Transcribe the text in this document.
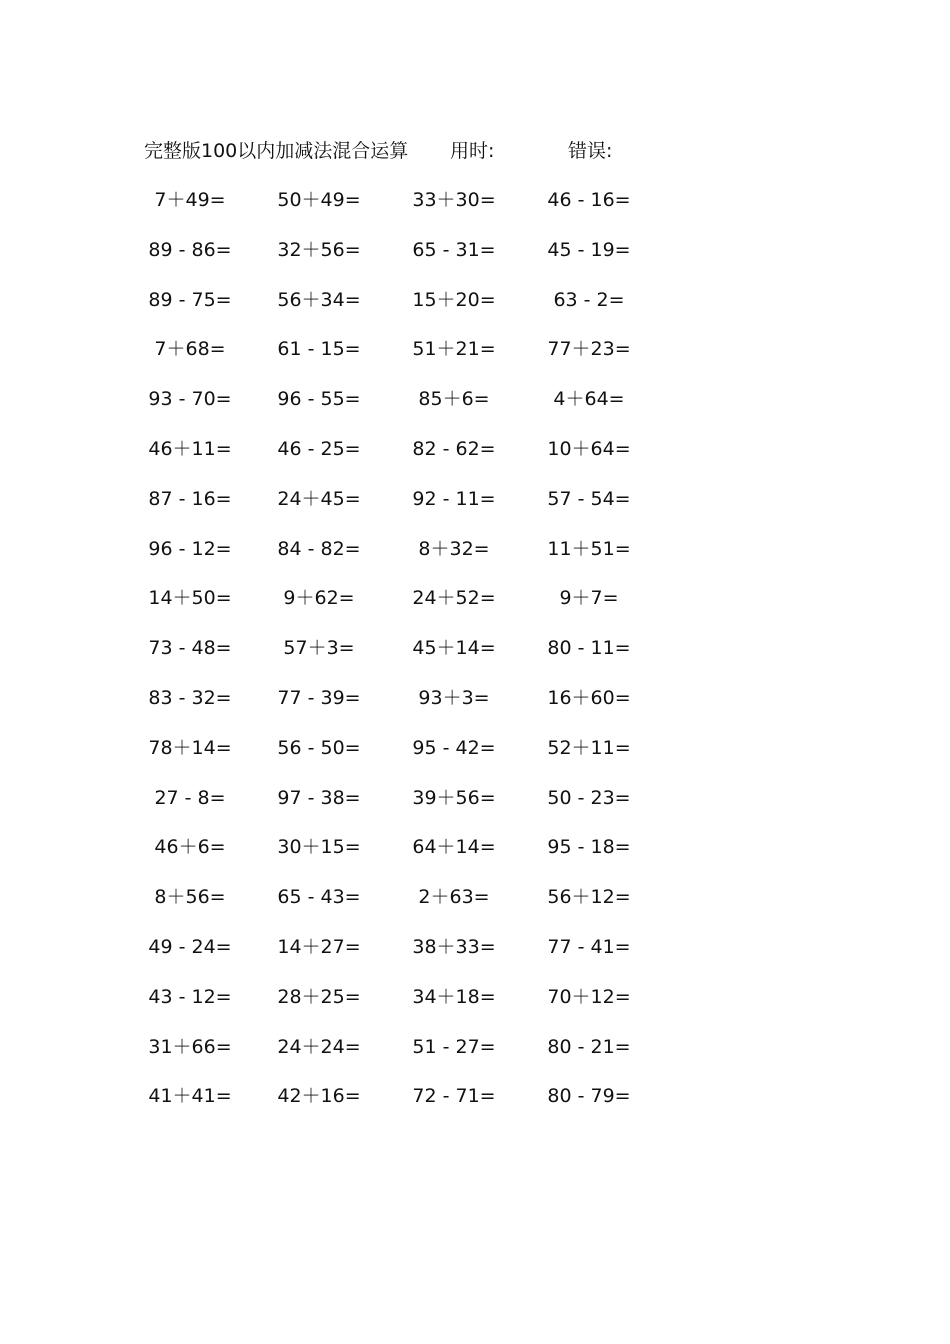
完整版100以内加减法混合运算 用时:	错误:
7＋49=	50＋49=	33＋30=	46 - 16=
89 - 86=	32＋56=	65 - 31=	45 - 19=
89 - 75=	56＋34=	15＋20=	63 - 2=
7＋68=	61 - 15=	51＋21=	77＋23=
93 - 70=	96 - 55=	85＋6=	4＋64=
46＋11=	46 - 25=	82 - 62=	10＋64=
87 - 16=	24＋45=	92 - 11=	57 - 54=
96 - 12=	84 - 82=	8＋32=	11＋51=
14＋50=	9＋62=	24＋52=	9＋7=
73 - 48=	57＋3=	45＋14=	80 - 11=
83 - 32=	77 - 39=	93＋3=	16＋60=
78＋14=	56 - 50=	95 - 42=	52＋11=
27 - 8=	97 - 38=	39＋56=	50 - 23=
46＋6=	30＋15=	64＋14=	95 - 18=
8＋56=	65 - 43=	2＋63=	56＋12=
49 - 24=	14＋27=	38＋33=	77 - 41=
43 - 12=	28＋25=	34＋18=	70＋12=
31＋66=	24＋24=	51 - 27=	80 - 21=
41＋41=	42＋16=	72 - 71=	80 - 79=
